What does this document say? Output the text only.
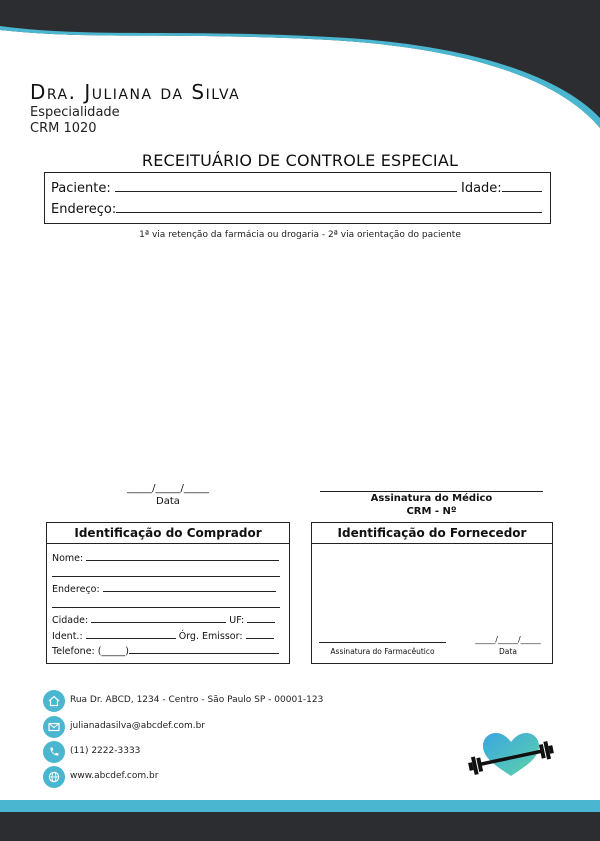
Dra. Juliana da Silva
Especialidade
CRM 1020
RECEITUÁRIO DE CONTROLE ESPECIAL
Paciente:	Idade:
Endereço:
1ª via retenção da farmácia ou drogaria - 2ª via orientação do paciente
_____/_____/_____
Data	Assinatura do Médico
CRM - Nº
Identificação do Comprador
Nome:
Endereço:
Cidade:	UF:
Ident.:	Órg. Emissor:
Telefone: (_____)
Identificação do Fornecedor
Assinatura do Farmacêutico
_____/_____/_____
Data
Rua Dr. ABCD, 1234 - Centro - São Paulo SP - 00001-123
julianadasilva@abcdef.com.br
(11) 2222-3333
www.abcdef.com.br
